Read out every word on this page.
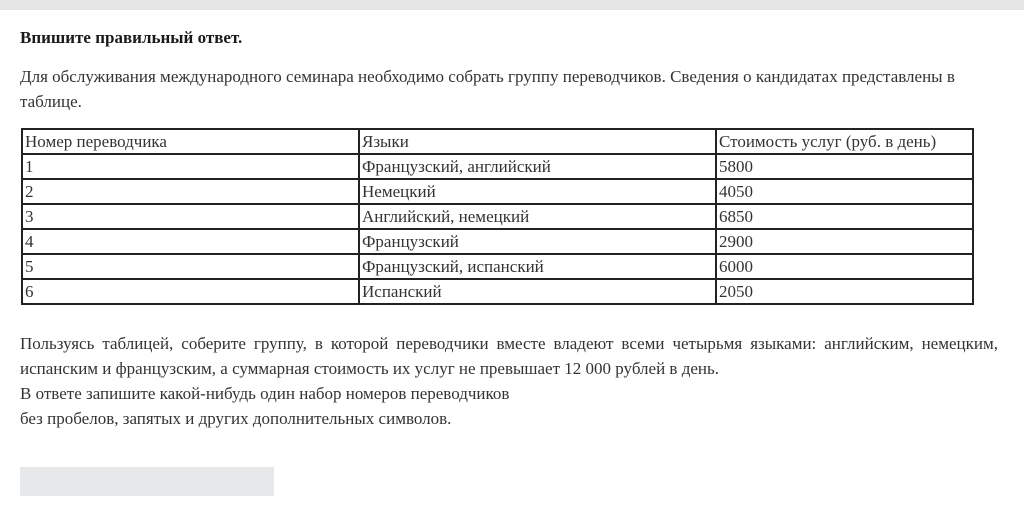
Впишите правильный ответ.

Для обслуживания международного семинара необходимо собрать группу переводчиков. Сведения о кандидатах представлены в таблице.

Номер переводчика	Языки	Стоимость услуг (руб. в день)
1	Французский, английский	5800
2	Немецкий	4050
3	Английский, немецкий	6850
4	Французский	2900
5	Французский, испанский	6000
6	Испанский	2050

Пользуясь таблицей, соберите группу, в которой переводчики вместе владеют всеми четырьмя языками: английским, немецким, испанским и французским, а суммарная стоимость их услуг не превышает 12 000 рублей в день.

В ответе запишите какой-нибудь один набор номеров переводчиков

без пробелов, запятых и других дополнительных символов.
